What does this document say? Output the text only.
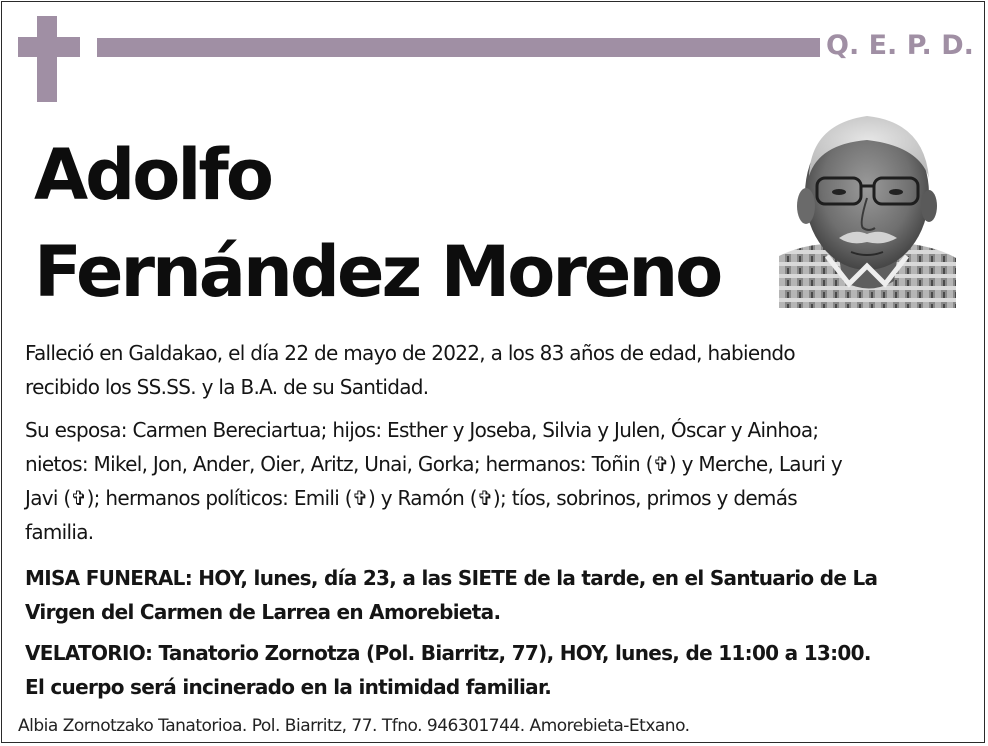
Q. E. P. D.
Adolfo
Fernández Moreno
Falleció en Galdakao, el día 22 de mayo de 2022, a los 83 años de edad, habiendo
recibido los SS.SS. y la B.A. de su Santidad.
Su esposa: Carmen Bereciartua; hijos: Esther y Joseba, Silvia y Julen, Óscar y Ainhoa;
nietos: Mikel, Jon, Ander, Oier, Aritz, Unai, Gorka; hermanos: Toñin (✞) y Merche, Lauri y
Javi (✞); hermanos políticos: Emili (✞) y Ramón (✞); tíos, sobrinos, primos y demás
familia.
MISA FUNERAL: HOY, lunes, día 23, a las SIETE de la tarde, en el Santuario de La
Virgen del Carmen de Larrea en Amorebieta.
VELATORIO: Tanatorio Zornotza (Pol. Biarritz, 77), HOY, lunes, de 11:00 a 13:00.
El cuerpo será incinerado en la intimidad familiar.
Albia Zornotzako Tanatorioa. Pol. Biarritz, 77. Tfno. 946301744. Amorebieta-Etxano.
